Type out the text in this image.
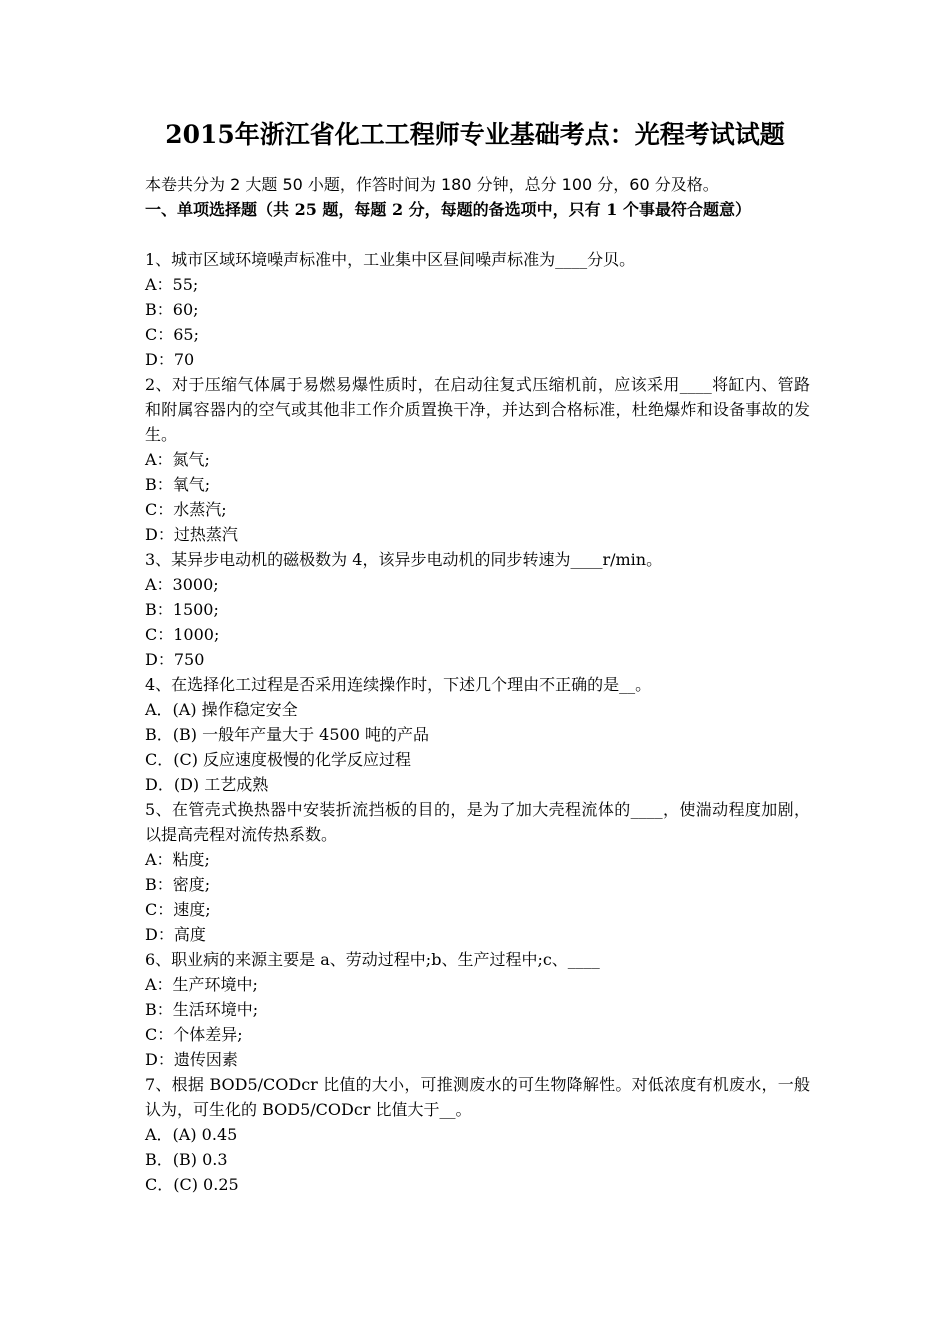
2015年浙江省化工工程师专业基础考点：光程考试试题
本卷共分为 2 大题 50 小题，作答时间为 180 分钟，总分 100 分，60 分及格。
一、单项选择题（共 25 题，每题 2 分，每题的备选项中，只有 1 个事最符合题意）
1、城市区域环境噪声标准中，工业集中区昼间噪声标准为____分贝。
A：55;
B：60;
C：65;
D：70
2、对于压缩气体属于易燃易爆性质时，在启动往复式压缩机前，应该采用____将缸内、管路和附属容器内的空气或其他非工作介质置换干净，并达到合格标准，杜绝爆炸和设备事故的发生。
A：氮气;
B：氧气;
C：水蒸汽;
D：过热蒸汽
3、某异步电动机的磁极数为 4，该异步电动机的同步转速为____r/min。
A：3000;
B：1500;
C：1000;
D：750
4、在选择化工过程是否采用连续操作时，下述几个理由不正确的是__。
A．(A) 操作稳定安全
B．(B) 一般年产量大于 4500 吨的产品
C．(C) 反应速度极慢的化学反应过程
D．(D) 工艺成熟
5、在管壳式换热器中安装折流挡板的目的，是为了加大壳程流体的____，使湍动程度加剧，以提高壳程对流传热系数。
A：粘度;
B：密度;
C：速度;
D：高度
6、职业病的来源主要是 a、劳动过程中;b、生产过程中;c、____
A：生产环境中;
B：生活环境中;
C：个体差异;
D：遗传因素
7、根据 BOD5/CODcr 比值的大小，可推测废水的可生物降解性。对低浓度有机废水，一般认为，可生化的 BOD5/CODcr 比值大于__。
A．(A) 0.45
B．(B) 0.3
C．(C) 0.25
